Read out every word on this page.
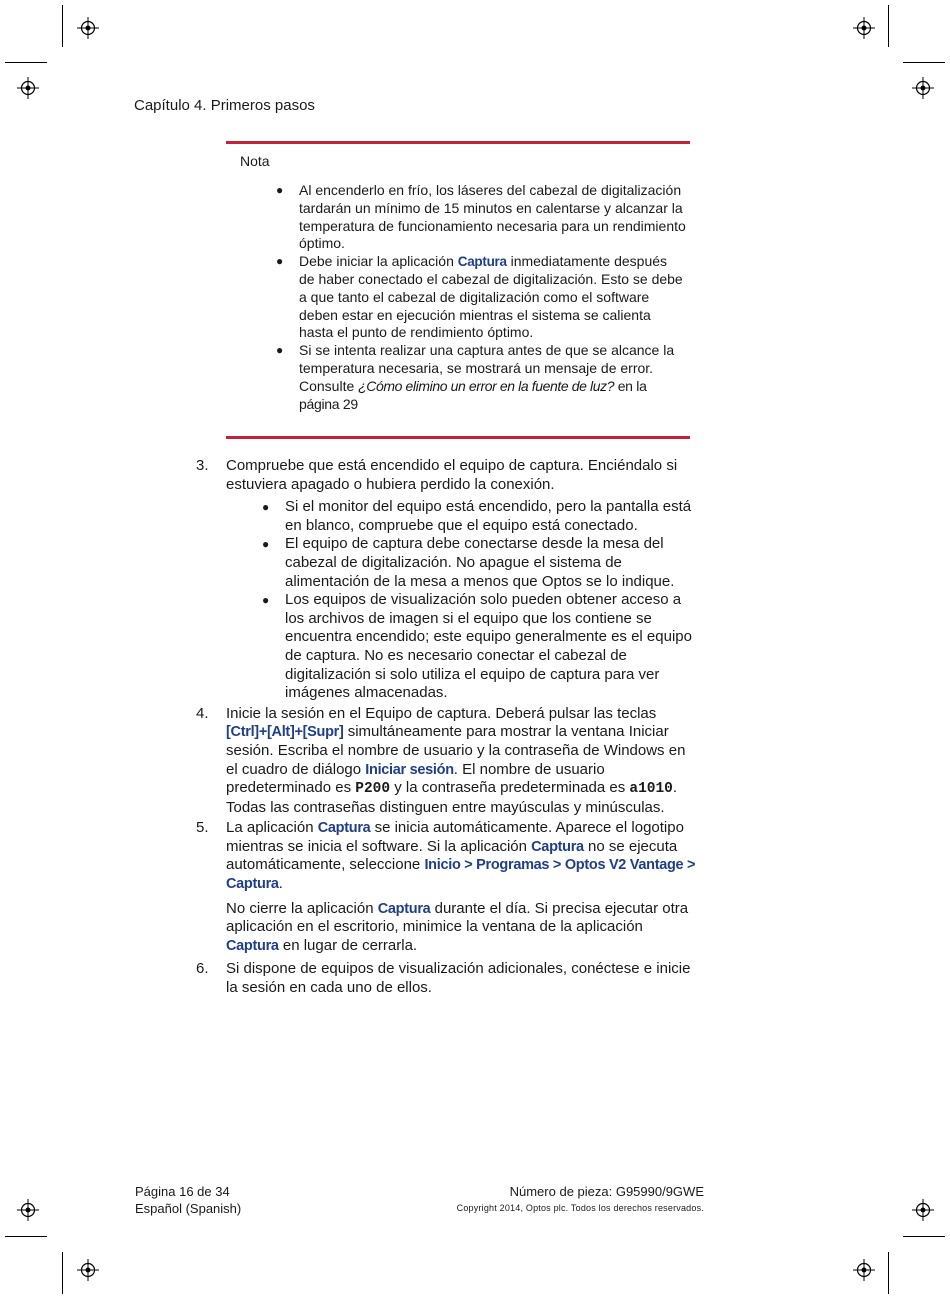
Capítulo 4. Primeros pasos
Nota
● Al encenderlo en frío, los láseres del cabezal de digitalización tardarán un mínimo de 15 minutos en calentarse y alcanzar la temperatura de funcionamiento necesaria para un rendimiento óptimo.
● Debe iniciar la aplicación Captura inmediatamente después de haber conectado el cabezal de digitalización. Esto se debe a que tanto el cabezal de digitalización como el software deben estar en ejecución mientras el sistema se calienta hasta el punto de rendimiento óptimo.
● Si se intenta realizar una captura antes de que se alcance la temperatura necesaria, se mostrará un mensaje de error. Consulte ¿Cómo elimino un error en la fuente de luz? en la página 29
3. Compruebe que está encendido el equipo de captura. Enciéndalo si estuviera apagado o hubiera perdido la conexión.
● Si el monitor del equipo está encendido, pero la pantalla está en blanco, compruebe que el equipo está conectado.
● El equipo de captura debe conectarse desde la mesa del cabezal de digitalización. No apague el sistema de alimentación de la mesa a menos que Optos se lo indique.
● Los equipos de visualización solo pueden obtener acceso a los archivos de imagen si el equipo que los contiene se encuentra encendido; este equipo generalmente es el equipo de captura. No es necesario conectar el cabezal de digitalización si solo utiliza el equipo de captura para ver imágenes almacenadas.
4. Inicie la sesión en el Equipo de captura. Deberá pulsar las teclas [Ctrl]+[Alt]+[Supr] simultáneamente para mostrar la ventana Iniciar sesión. Escriba el nombre de usuario y la contraseña de Windows en el cuadro de diálogo Iniciar sesión. El nombre de usuario predeterminado es P200 y la contraseña predeterminada es a1010. Todas las contraseñas distinguen entre mayúsculas y minúsculas.
5. La aplicación Captura se inicia automáticamente. Aparece el logotipo mientras se inicia el software. Si la aplicación Captura no se ejecuta automáticamente, seleccione Inicio > Programas > Optos V2 Vantage > Captura.
No cierre la aplicación Captura durante el día. Si precisa ejecutar otra aplicación en el escritorio, minimice la ventana de la aplicación Captura en lugar de cerrarla.
6. Si dispone de equipos de visualización adicionales, conéctese e inicie la sesión en cada uno de ellos.
Página 16 de 34
Español (Spanish)
Número de pieza: G95990/9GWE
Copyright 2014, Optos plc. Todos los derechos reservados.
